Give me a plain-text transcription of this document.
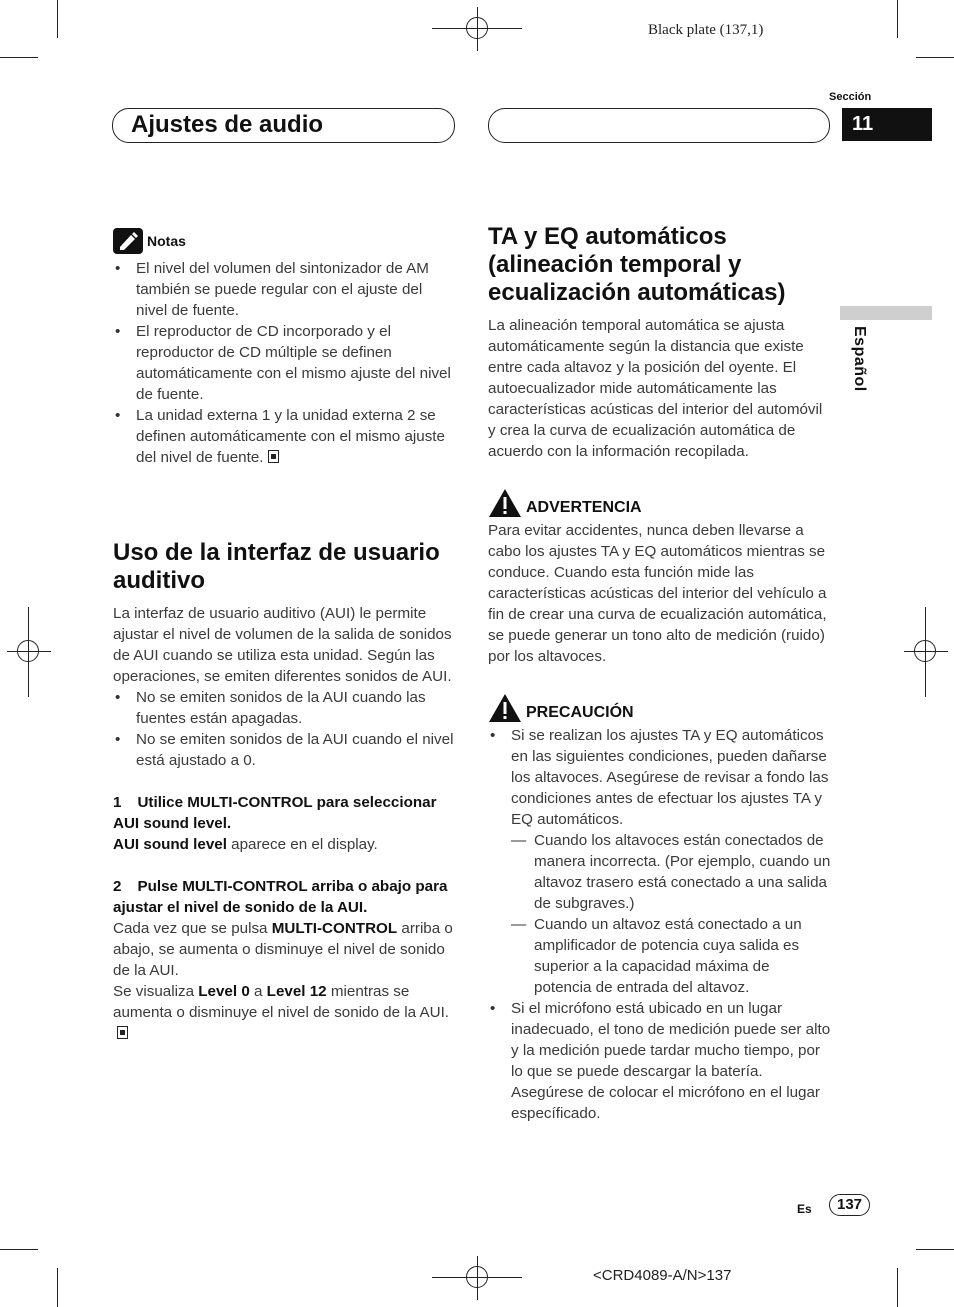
Black plate (137,1)
Ajustes de audio
Sección
11
Español
Notas
• El nivel del volumen del sintonizador de AM también se puede regular con el ajuste del nivel de fuente.
• El reproductor de CD incorporado y el reproductor de CD múltiple se definen automáticamente con el mismo ajuste del nivel de fuente.
• La unidad externa 1 y la unidad externa 2 se definen automáticamente con el mismo ajuste del nivel de fuente.
Uso de la interfaz de usuario auditivo

La interfaz de usuario auditivo (AUI) le permite ajustar el nivel de volumen de la salida de sonidos de AUI cuando se utiliza esta unidad. Según las operaciones, se emiten diferentes sonidos de AUI.

• No se emiten sonidos de la AUI cuando las fuentes están apagadas.
• No se emiten sonidos de la AUI cuando el nivel está ajustado a 0.

1 Utilice MULTI-CONTROL para seleccionar AUI sound level.

AUI sound level aparece en el display.

2 Pulse MULTI-CONTROL arriba o abajo para ajustar el nivel de sonido de la AUI.

Cada vez que se pulsa MULTI-CONTROL arriba o abajo, se aumenta o disminuye el nivel de sonido de la AUI.

Se visualiza Level 0 a Level 12 mientras se aumenta o disminuye el nivel de sonido de la AUI.

TA y EQ automáticos (alineación temporal y ecualización automáticas)

La alineación temporal automática se ajusta automáticamente según la distancia que existe entre cada altavoz y la posición del oyente. El autoecualizador mide automáticamente las características acústicas del interior del automóvil y crea la curva de ecualización automática de acuerdo con la información recopilada.

ADVERTENCIA

Para evitar accidentes, nunca deben llevarse a cabo los ajustes TA y EQ automáticos mientras se conduce. Cuando esta función mide las características acústicas del interior del vehículo a fin de crear una curva de ecualización automática, se puede generar un tono alto de medición (ruido) por los altavoces.

PRECAUCIÓN
• Si se realizan los ajustes TA y EQ automáticos en las siguientes condiciones, pueden dañarse los altavoces. Asegúrese de revisar a fondo las condiciones antes de efectuar los ajustes TA y EQ automáticos.
— Cuando los altavoces están conectados de manera incorrecta. (Por ejemplo, cuando un altavoz trasero está conectado a una salida de subgraves.)
— Cuando un altavoz está conectado a un amplificador de potencia cuya salida es superior a la capacidad máxima de potencia de entrada del altavoz.
• Si el micrófono está ubicado en un lugar inadecuado, el tono de medición puede ser alto y la medición puede tardar mucho tiempo, por lo que se puede descargar la batería. Asegúrese de colocar el micrófono en el lugar específicado.
Es	137
<CRD4089-A/N>137
